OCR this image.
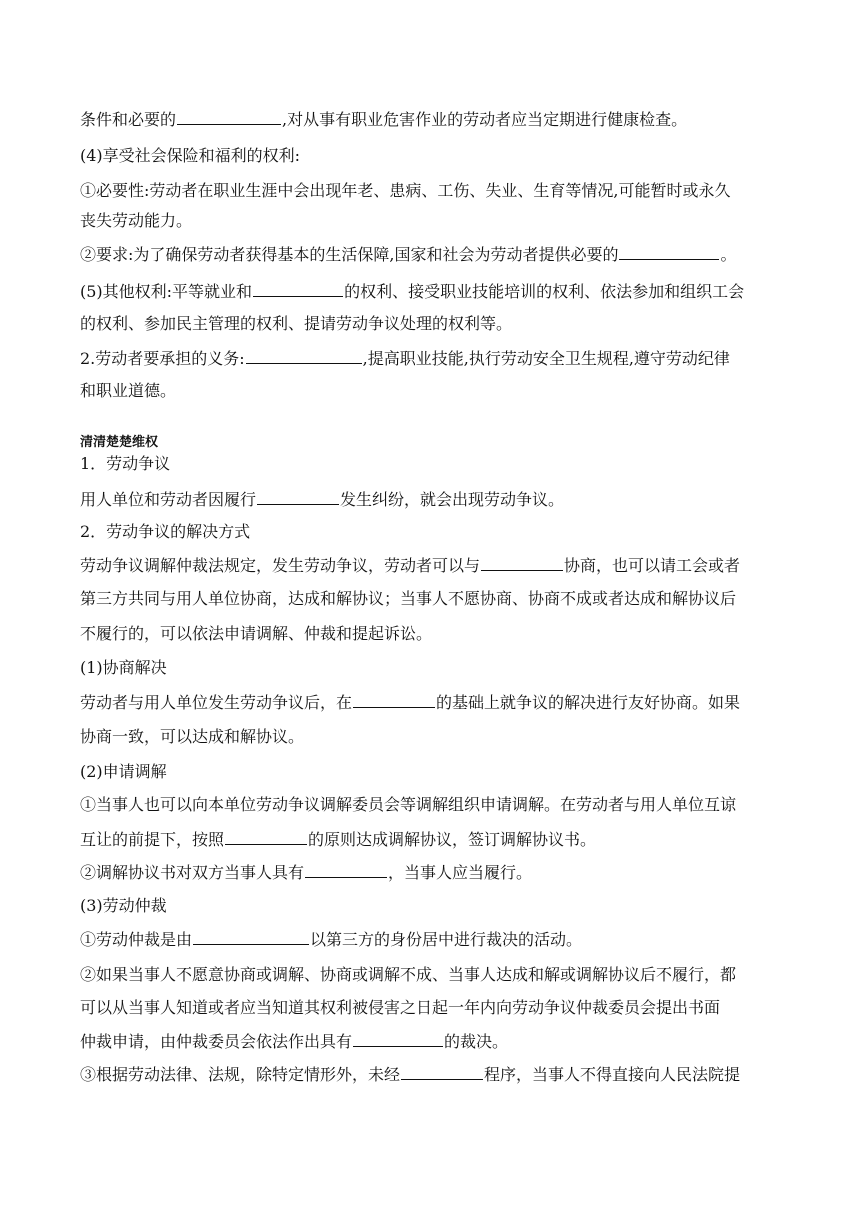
条件和必要的	,对从事有职业危害作业的劳动者应当定期进行健康检查。
(4)享受社会保险和福利的权利:
①必要性:劳动者在职业生涯中会出现年老、患病、工伤、失业、生育等情况,可能暂时或永久
丧失劳动能力。
②要求:为了确保劳动者获得基本的生活保障,国家和社会为劳动者提供必要的	。
(5)其他权利:平等就业和	的权利、接受职业技能培训的权利、依法参加和组织工会
的权利、参加民主管理的权利、提请劳动争议处理的权利等。
2.劳动者要承担的义务:	,提高职业技能,执行劳动安全卫生规程,遵守劳动纪律
和职业道德。
清清楚楚维权
1．劳动争议
用人单位和劳动者因履行	发生纠纷，就会出现劳动争议。
2．劳动争议的解决方式
劳动争议调解仲裁法规定，发生劳动争议，劳动者可以与	协商，也可以请工会或者
第三方共同与用人单位协商，达成和解协议；当事人不愿协商、协商不成或者达成和解协议后
不履行的，可以依法申请调解、仲裁和提起诉讼。
(1)协商解决
劳动者与用人单位发生劳动争议后，在	的基础上就争议的解决进行友好协商。如果
协商一致，可以达成和解协议。
(2)申请调解
①当事人也可以向本单位劳动争议调解委员会等调解组织申请调解。在劳动者与用人单位互谅
互让的前提下，按照	的原则达成调解协议，签订调解协议书。
②调解协议书对双方当事人具有	，当事人应当履行。
(3)劳动仲裁
①劳动仲裁是由	以第三方的身份居中进行裁决的活动。
②如果当事人不愿意协商或调解、协商或调解不成、当事人达成和解或调解协议后不履行，都
可以从当事人知道或者应当知道其权利被侵害之日起一年内向劳动争议仲裁委员会提出书面
仲裁申请，由仲裁委员会依法作出具有	的裁决。
③根据劳动法律、法规，除特定情形外，未经	程序，当事人不得直接向人民法院提
